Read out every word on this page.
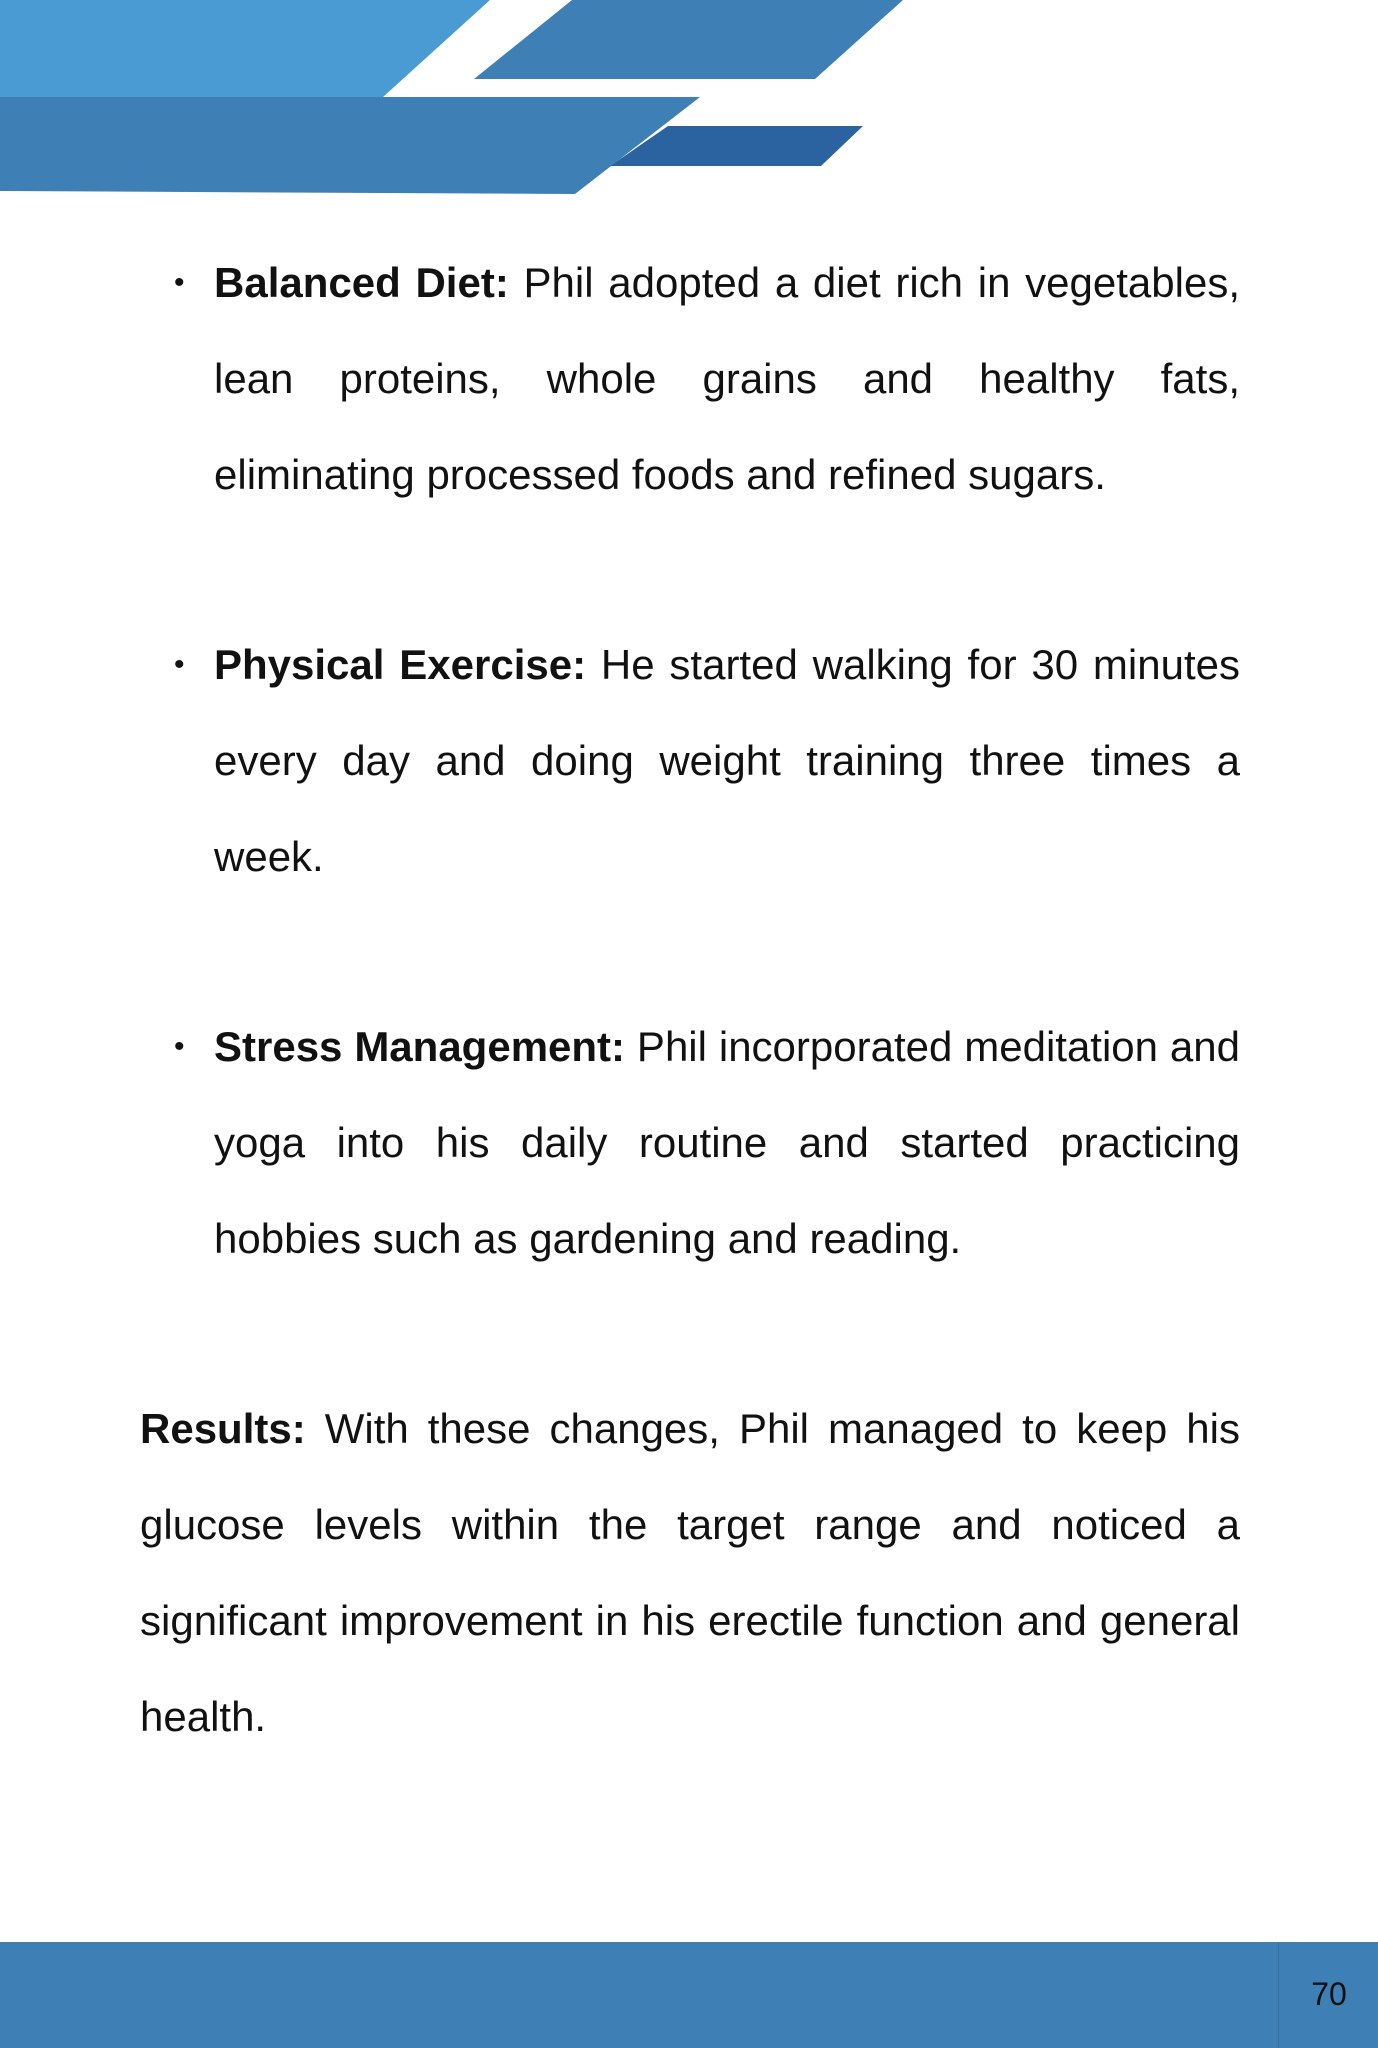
• Balanced Diet: Phil adopted a diet rich in vegetables, lean proteins, whole grains and healthy fats, eliminating processed foods and refined sugars.
• Physical Exercise: He started walking for 30 minutes every day and doing weight training three times a week.
• Stress Management: Phil incorporated meditation and yoga into his daily routine and started practicing hobbies such as gardening and reading.

Results: With these changes, Phil managed to keep his glucose levels within the target range and noticed a significant improvement in his erectile function and general health.

70
